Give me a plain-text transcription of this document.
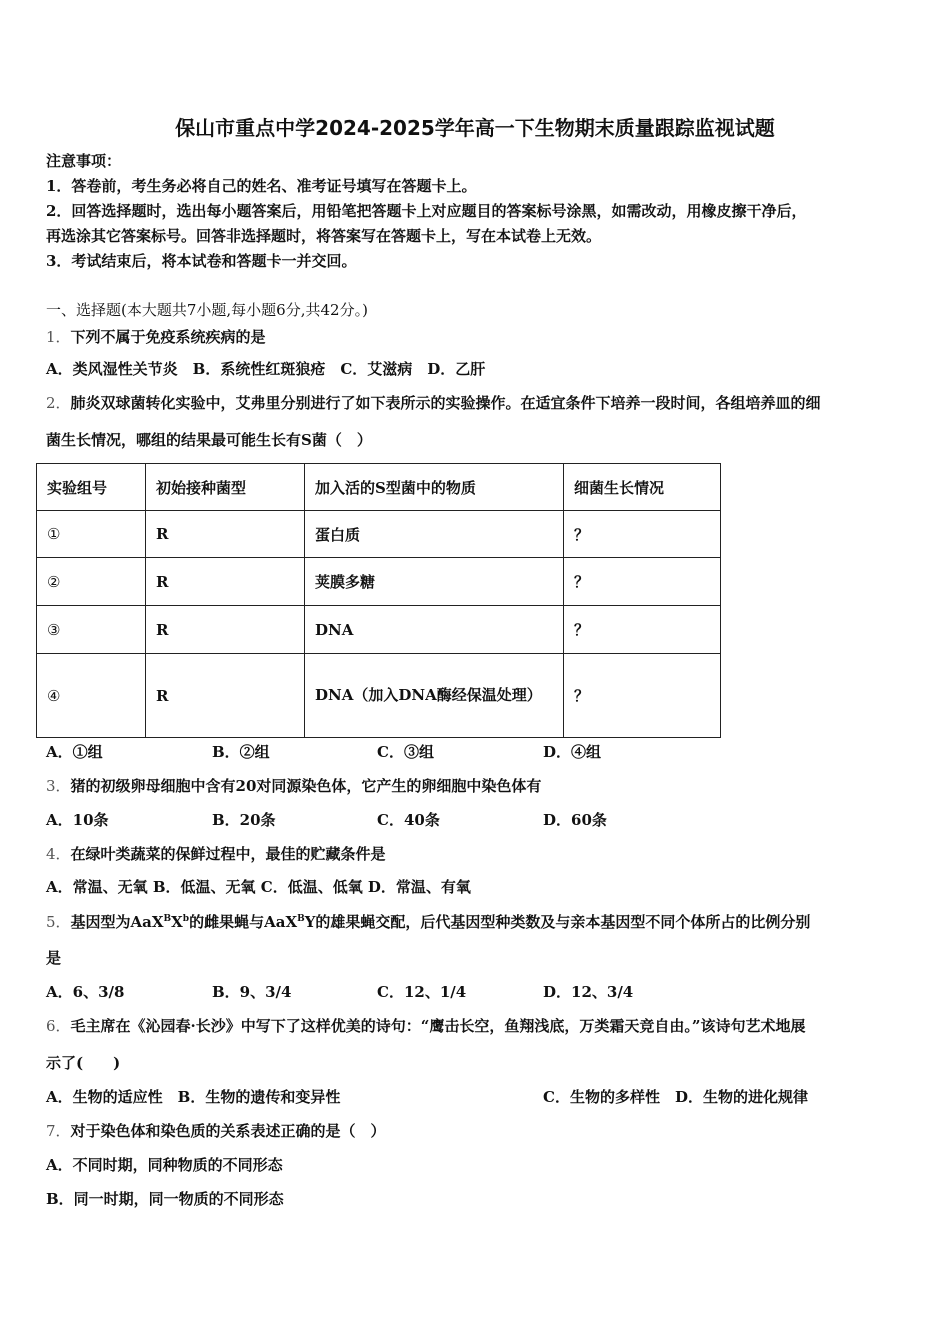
保山市重点中学2024-2025学年高一下生物期末质量跟踪监视试题
注意事项：
1．答卷前，考生务必将自己的姓名、准考证号填写在答题卡上。
2．回答选择题时，选出每小题答案后，用铅笔把答题卡上对应题目的答案标号涂黑，如需改动，用橡皮擦干净后，
再选涂其它答案标号。回答非选择题时，将答案写在答题卡上，写在本试卷上无效。
3．考试结束后，将本试卷和答题卡一并交回。
一、选择题(本大题共7小题,每小题6分,共42分。)
1．下列不属于免疫系统疾病的是
A．类风湿性关节炎　B．系统性红斑狼疮　C．艾滋病　D．乙肝
2．肺炎双球菌转化实验中，艾弗里分别进行了如下表所示的实验操作。在适宜条件下培养一段时间，各组培养皿的细
菌生长情况，哪组的结果最可能生长有S菌（　）
实验组号	初始接种菌型	加入活的S型菌中的物质	细菌生长情况
①	R	蛋白质	？
②	R	荚膜多糖	？
③	R	DNA	？
④	R	DNA（加入DNA酶经保温处理）	？
A．①组	B．②组	C．③组	D．④组
3．猪的初级卵母细胞中含有20对同源染色体，它产生的卵细胞中染色体有
A．10条	B．20条	C．40条	D．60条
4．在绿叶类蔬菜的保鲜过程中，最佳的贮藏条件是
A．常温、无氧 B．低温、无氧 C．低温、低氧 D．常温、有氧
5．基因型为$AaX^BX^b$的雌果蝇与AaX$^B$Y的雄果蝇交配，后代基因型种类数及与亲本基因型不同个体所占的比例分别
是
A．6、3/8	B．9、3/4	C．12、1/4	D．12、3/4
6．毛主席在《沁园春·长沙》中写下了这样优美的诗句：“鹰击长空，鱼翔浅底，万类霜天竞自由。”该诗句艺术地展
示了(　　)
A．生物的适应性　B．生物的遗传和变异性	C．生物的多样性　D．生物的进化规律
7．对于染色体和染色质的关系表述正确的是（　）
A．不同时期，同种物质的不同形态
B．同一时期，同一物质的不同形态
